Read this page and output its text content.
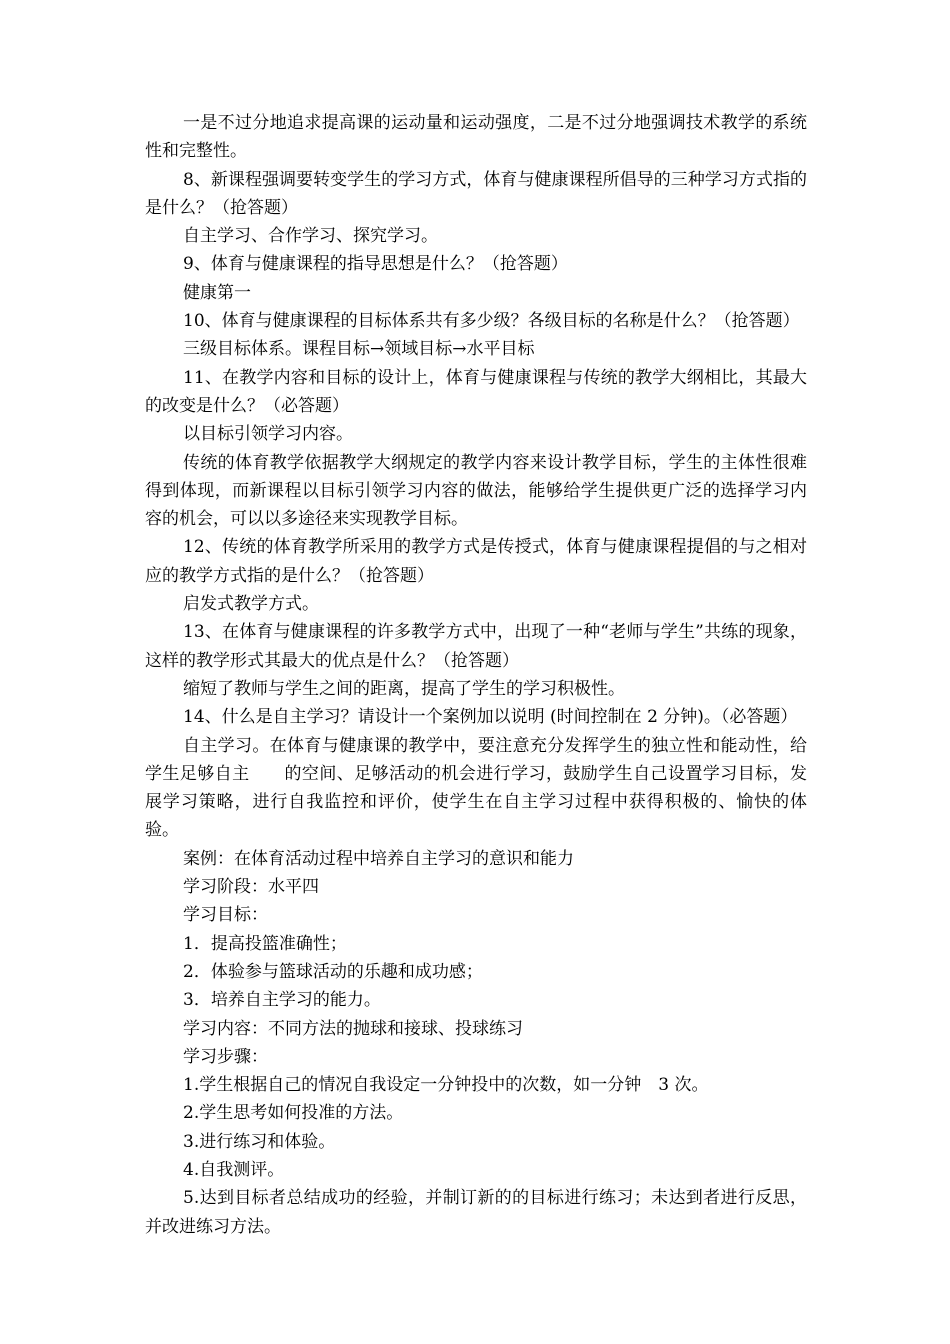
一是不过分地追求提高课的运动量和运动强度，二是不过分地强调技术教学的系统性和完整性。

8、新课程强调要转变学生的学习方式，体育与健康课程所倡导的三种学习方式指的是什么？（抢答题）

自主学习、合作学习、探究学习。

9、体育与健康课程的指导思想是什么？（抢答题）

健康第一

10、体育与健康课程的目标体系共有多少级？各级目标的名称是什么？（抢答题）

三级目标体系。课程目标→领域目标→水平目标

11、在教学内容和目标的设计上，体育与健康课程与传统的教学大纲相比，其最大的改变是什么？（必答题）

以目标引领学习内容。

传统的体育教学依据教学大纲规定的教学内容来设计教学目标，学生的主体性很难得到体现，而新课程以目标引领学习内容的做法，能够给学生提供更广泛的选择学习内容的机会，可以以多途径来实现教学目标。

12、传统的体育教学所采用的教学方式是传授式，体育与健康课程提倡的与之相对应的教学方式指的是什么？（抢答题）

启发式教学方式。

13、在体育与健康课程的许多教学方式中，出现了一种“老师与学生”共练的现象，这样的教学形式其最大的优点是什么？（抢答题）

缩短了教师与学生之间的距离，提高了学生的学习积极性。

14、什么是自主学习？请设计一个案例加以说明 (时间控制在 2 分钟)。（必答题）

自主学习。在体育与健康课的教学中，要注意充分发挥学生的独立性和能动性，给学生足够自主　　的空间、足够活动的机会进行学习，鼓励学生自己设置学习目标，发展学习策略，进行自我监控和评价，使学生在自主学习过程中获得积极的、愉快的体验。

案例：在体育活动过程中培养自主学习的意识和能力

学习阶段：水平四

学习目标：

1．提高投篮准确性；

2．体验参与篮球活动的乐趣和成功感；

3．培养自主学习的能力。

学习内容：不同方法的抛球和接球、投球练习

学习步骤：

1.学生根据自己的情况自我设定一分钟投中的次数，如一分钟　3 次。

2.学生思考如何投准的方法。

3.进行练习和体验。

4.自我测评。

5.达到目标者总结成功的经验，并制订新的的目标进行练习；未达到者进行反思，并改进练习方法。
